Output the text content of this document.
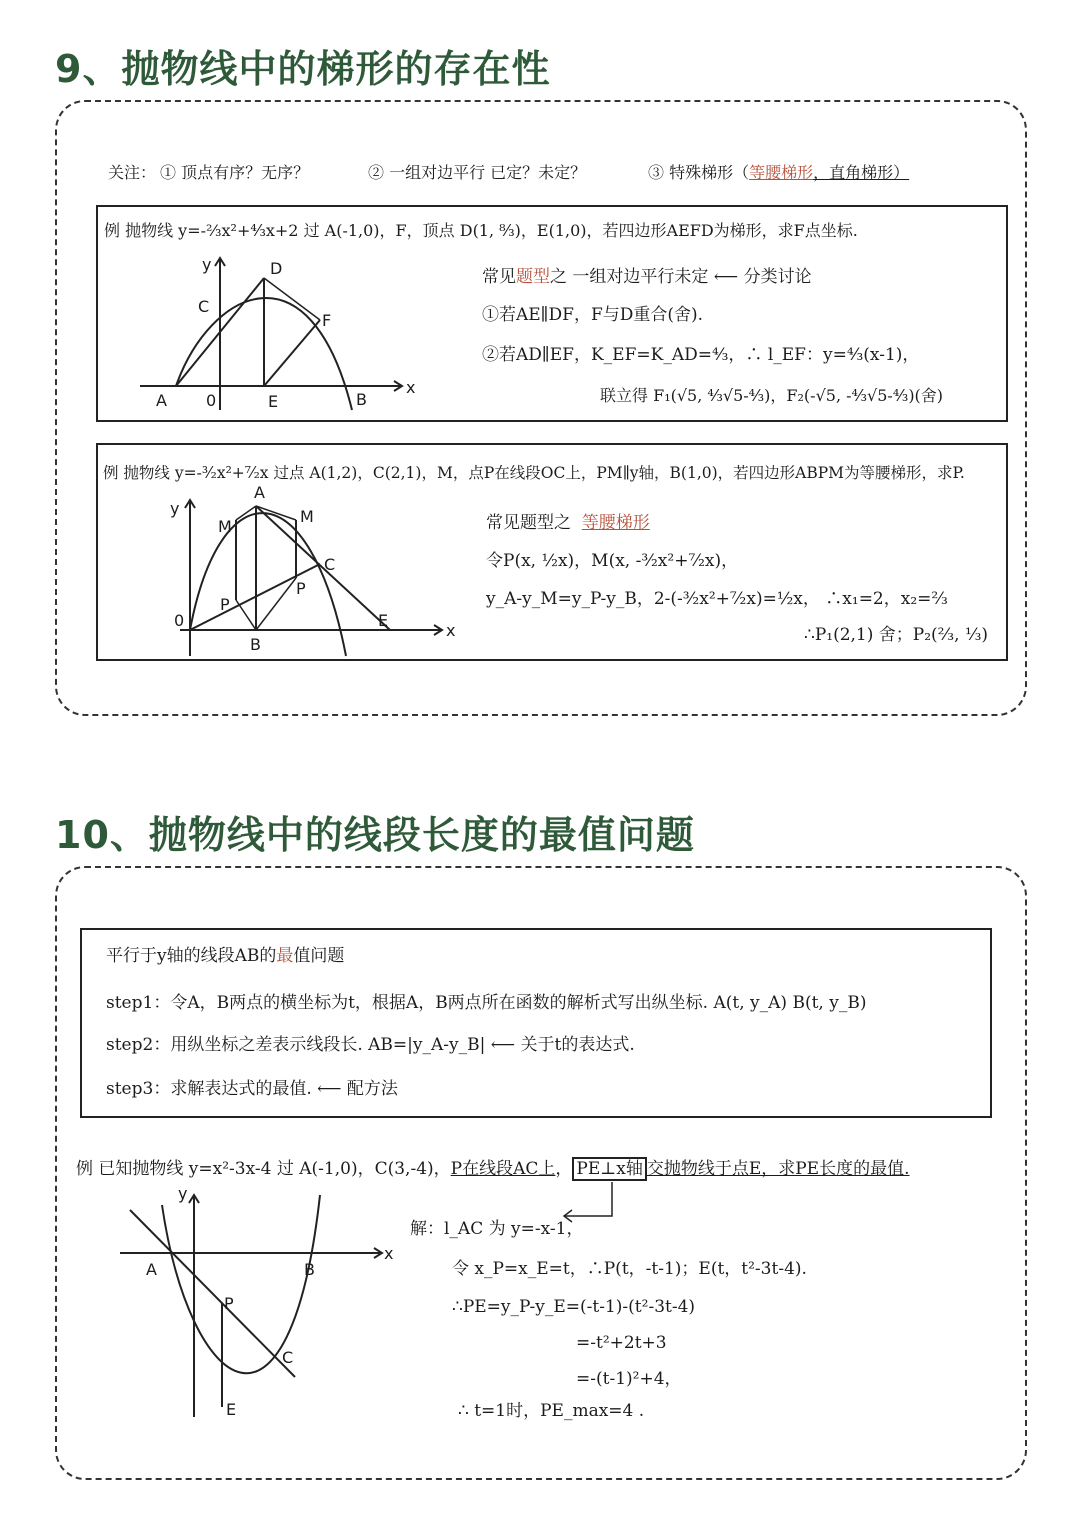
9、抛物线中的梯形的存在性
关注： ① 顶点有序？无序？	② 一组对边平行 已定？未定？	③ 特殊梯形（等腰梯形，直角梯形）
例 抛物线 y=-⅔x²+⁴⁄₃x+2 过 A(-1,0)，F，顶点 D(1, ⁸⁄₃)，E(1,0)，若四边形AEFD为梯形，求F点坐标.
y
x
A 0	E	B
C
D
F
常见题型之 一组对边平行未定 ⟵ 分类讨论
①若AE∥DF，F与D重合(舍).
②若AD∥EF，K_EF=K_AD=⁴⁄₃，∴ l_EF：y=⁴⁄₃(x-1)，
联立得 F₁(√5, ⁴⁄₃√5-⁴⁄₃)，F₂(-√5, -⁴⁄₃√5-⁴⁄₃)(舍)
例 抛物线 y=-³⁄₂x²+⁷⁄₂x 过点 A(1,2)，C(2,1)，M，点P在线段OC上，PM∥y轴，B(1,0)，若四边形ABPM为等腰梯形，求P.
y
x
A
M
M
C
P
P
0
B
E
常见题型之 等腰梯形
令P(x, ½x)，M(x, -³⁄₂x²+⁷⁄₂x)，
y_A-y_M=y_P-y_B，2-(-³⁄₂x²+⁷⁄₂x)=½x， ∴x₁=2，x₂=⅔
∴P₁(2,1) 舍；P₂(⅔, ⅓)
10、抛物线中的线段长度的最值问题
平行于y轴的线段AB的最值问题
step1：令A，B两点的横坐标为t，根据A，B两点所在函数的解析式写出纵坐标. A(t, y_A) B(t, y_B)
step2：用纵坐标之差表示线段长. AB=|y_A-y_B| ⟵ 关于t的表达式.
step3：求解表达式的最值. ⟵ 配方法
例 已知抛物线 y=x²-3x-4 过 A(-1,0)，C(3,-4)，P在线段AC上， PE⊥x轴 交抛物线于点E，求PE长度的最值.
y
x
A	B
P
C
E
解：l_AC 为 y=-x-1，
令 x_P=x_E=t，∴P(t，-t-1)；E(t，t²-3t-4).
∴PE=y_P-y_E=(-t-1)-(t²-3t-4)
=-t²+2t+3
=-(t-1)²+4，
∴ t=1时，PE_max=4 .
